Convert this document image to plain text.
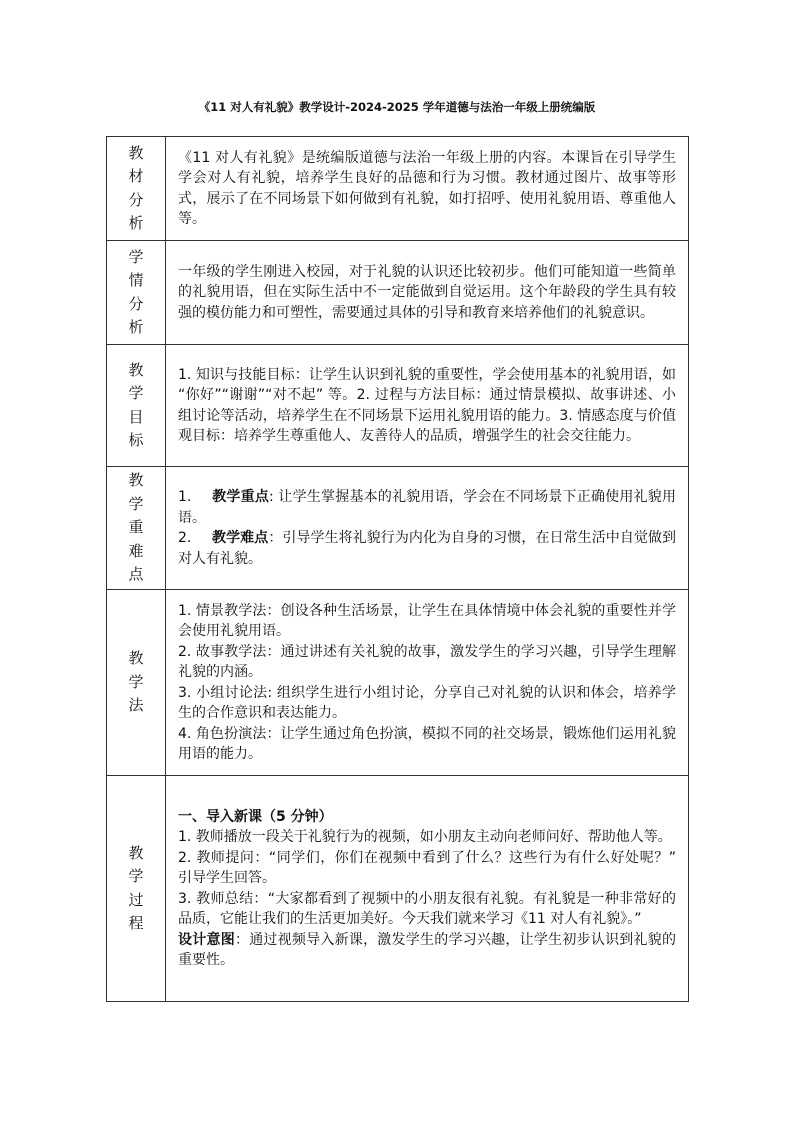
《11 对人有礼貌》教学设计-2024-2025 学年道德与法治一年级上册统编版
教材分析	《11 对人有礼貌》是统编版道德与法治一年级上册的内容。本课旨在引导学生学会对人有礼貌，培养学生良好的品德和行为习惯。教材通过图片、故事等形式，展示了在不同场景下如何做到有礼貌，如打招呼、使用礼貌用语、尊重他人等。

学情分析	一年级的学生刚进入校园，对于礼貌的认识还比较初步。他们可能知道一些简单的礼貌用语，但在实际生活中不一定能做到自觉运用。这个年龄段的学生具有较强的模仿能力和可塑性，需要通过具体的引导和教育来培养他们的礼貌意识。

教学目标	1. 知识与技能目标：让学生认识到礼貌的重要性，学会使用基本的礼貌用语，如 “你好”“谢谢”“对不起” 等。2. 过程与方法目标：通过情景模拟、故事讲述、小组讨论等活动，培养学生在不同场景下运用礼貌用语的能力。3. 情感态度与价值观目标：培养学生尊重他人、友善待人的品质，增强学生的社会交往能力。

教学重难点	1. 教学重点: 让学生掌握基本的礼貌用语，学会在不同场景下正确使用礼貌用语。

2. 教学难点：引导学生将礼貌行为内化为自身的习惯，在日常生活中自觉做到对人有礼貌。

教学法	1. 情景教学法：创设各种生活场景，让学生在具体情境中体会礼貌的重要性并学会使用礼貌用语。

2. 故事教学法：通过讲述有关礼貌的故事，激发学生的学习兴趣，引导学生理解礼貌的内涵。

3. 小组讨论法: 组织学生进行小组讨论，分享自己对礼貌的认识和体会，培养学生的合作意识和表达能力。

4. 角色扮演法：让学生通过角色扮演，模拟不同的社交场景，锻炼他们运用礼貌用语的能力。

教学过程	一、导入新课（5 分钟）

1. 教师播放一段关于礼貌行为的视频，如小朋友主动向老师问好、帮助他人等。

2. 教师提问：“同学们，你们在视频中看到了什么？这些行为有什么好处呢？” 引导学生回答。

3. 教师总结：“大家都看到了视频中的小朋友很有礼貌。有礼貌是一种非常好的品质，它能让我们的生活更加美好。今天我们就来学习《11 对人有礼貌》。”

设计意图：通过视频导入新课，激发学生的学习兴趣，让学生初步认识到礼貌的重要性。
